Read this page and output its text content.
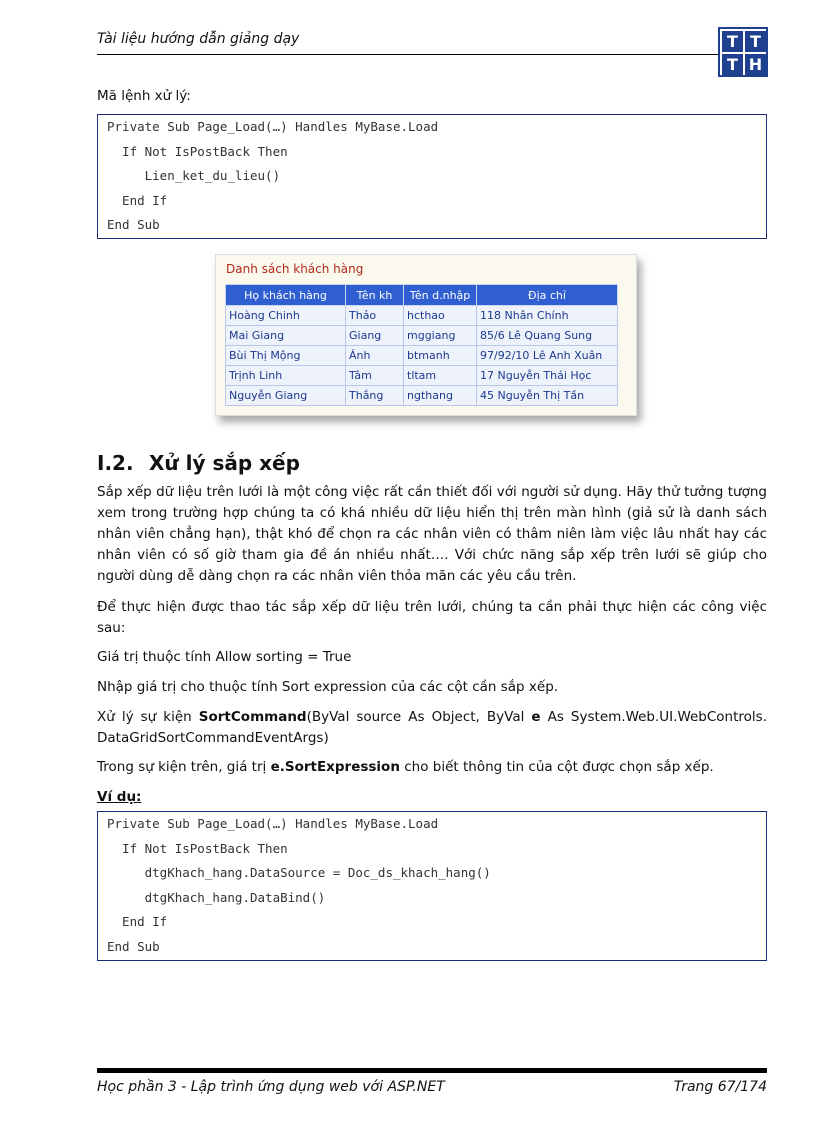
Tài liệu hướng dẫn giảng dạy	T T
T H
Mã lệnh xử lý:
Private Sub Page_Load(…) Handles MyBase.Load
If Not IsPostBack Then
Lien_ket_du_lieu()
End If
End Sub
Danh sách khách hàng
Họ khách hàng	Tên kh	Tên d.nhập	Địa chỉ
Hoàng Chinh	Thảo	hcthao	118 Nhân Chính
Mai Giang	Giang	mggiang	85/6 Lê Quang Sung
Bùi Thị Mộng	Ánh	btmanh	97/92/10 Lê Anh Xuân
Trịnh Linh	Tâm	tltam	17 Nguyễn Thái Học
Nguyễn Giang	Thắng	ngthang	45 Nguyễn Thị Tần
I.2. Xử lý sắp xếp
Sắp xếp dữ liệu trên lưới là một công việc rất cần thiết đối với người sử dụng. Hãy thử tưởng tượng xem trong trường hợp chúng ta có khá nhiều dữ liệu hiển thị trên màn hình (giả sử là danh sách nhân viên chẳng hạn), thật khó để chọn ra các nhân viên có thâm niên làm việc lâu nhất hay các nhân viên có số giờ tham gia đề án nhiều nhất…. Với chức năng sắp xếp trên lưới sẽ giúp cho người dùng dễ dàng chọn ra các nhân viên thỏa mãn các yêu cầu trên.
Để thực hiện được thao tác sắp xếp dữ liệu trên lưới, chúng ta cần phải thực hiện các công việc sau:
Giá trị thuộc tính Allow sorting = True
Nhập giá trị cho thuộc tính Sort expression của các cột cần sắp xếp.
Xử lý sự kiện SortCommand(ByVal source As Object, ByVal e As System.Web.UI.WebControls. DataGridSortCommandEventArgs)
Trong sự kiện trên, giá trị e.SortExpression cho biết thông tin của cột được chọn sắp xếp.
Ví dụ:
Private Sub Page_Load(…) Handles MyBase.Load
If Not IsPostBack Then
dtgKhach_hang.DataSource = Doc_ds_khach_hang()
dtgKhach_hang.DataBind()
End If
End Sub
Học phần 3 - Lập trình ứng dụng web với ASP.NET	Trang 67/174
